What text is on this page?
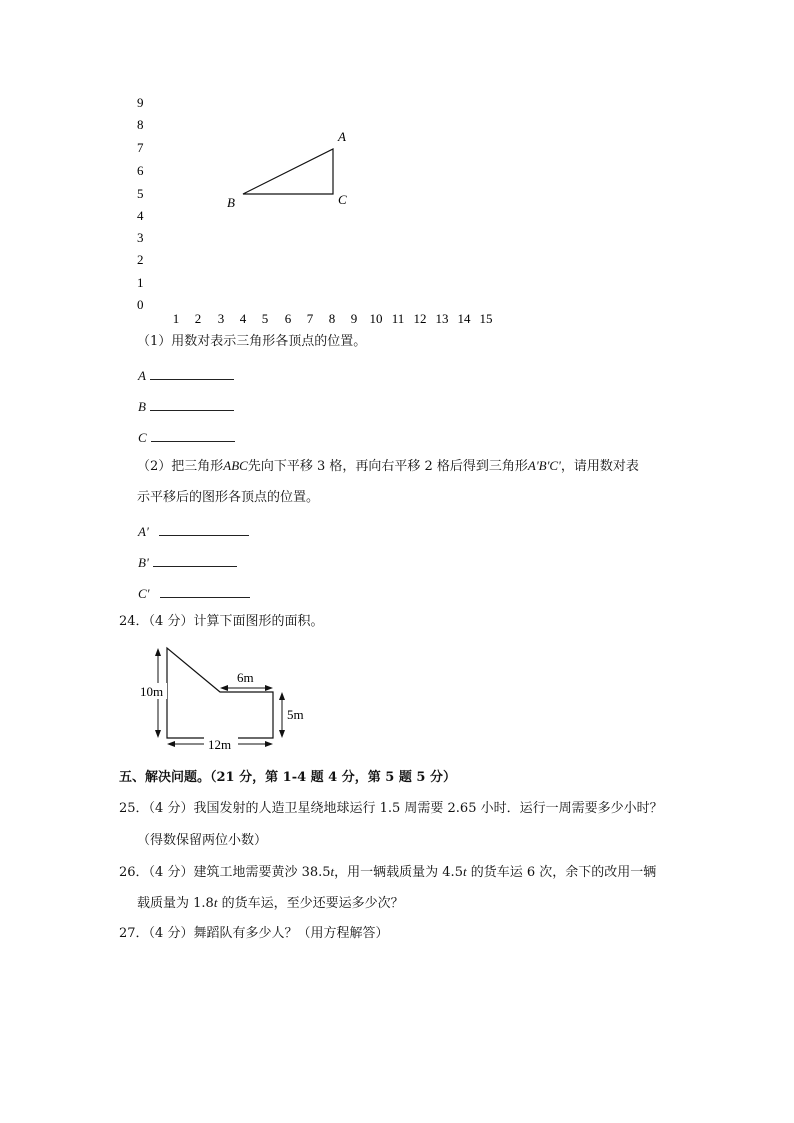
9
8
7
6
5
4
3
2
1
0
1 2 3 4 5 6 7 8 9 10 11 12 13 14 15
A
B	C
6m
10m
5m
12m
（1）用数对表示三角形各顶点的位置。
A
B
C
（2）把三角形ABC先向下平移 3 格，再向右平移 2 格后得到三角形A'B'C'，请用数对表
示平移后的图形各顶点的位置。
A′
B'
C′
24．（4 分）计算下面图形的面积。
五、解决问题。（21 分，第 1-4 题 4 分，第 5 题 5 分）
25．（4 分）我国发射的人造卫星绕地球运行 1.5 周需要 2.65 小时．运行一周需要多少小时？
（得数保留两位小数）
26．（4 分）建筑工地需要黄沙 38.5t，用一辆载质量为 4.5t 的货车运 6 次，余下的改用一辆
载质量为 1.8t 的货车运，至少还要运多少次？
27．（4 分）舞蹈队有多少人？（用方程解答）
